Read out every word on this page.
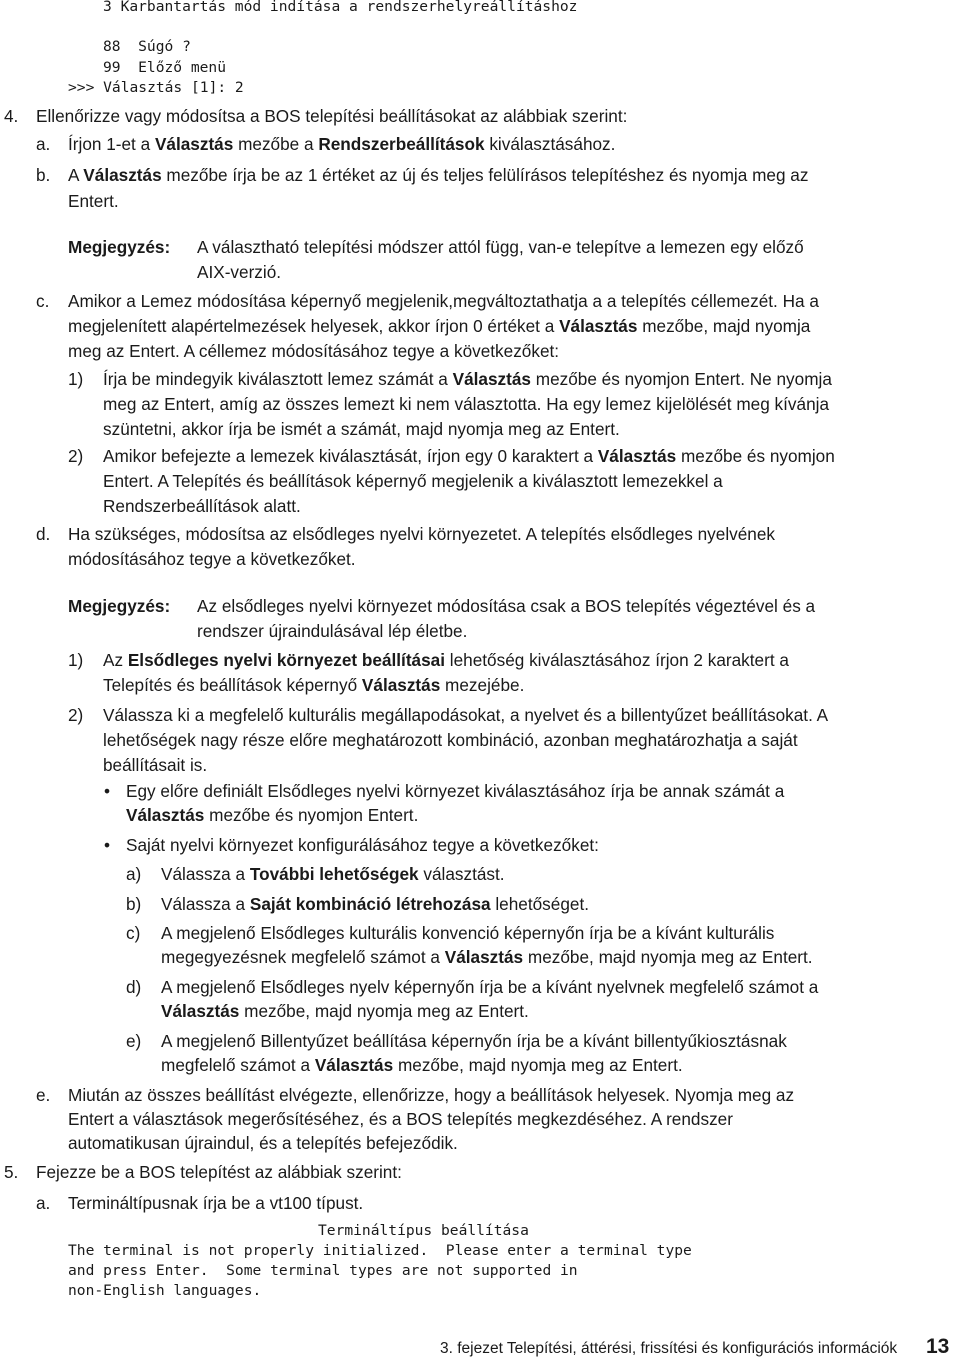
3 Karbantartás mód indítása a rendszerhelyreállításhoz
88  Súgó ?
99  Előző menü
>>> Választás [1]: 2
4. Ellenőrizze vagy módosítsa a BOS telepítési beállításokat az alábbiak szerint:
a. Írjon 1-et a Választás mezőbe a Rendszerbeállítások kiválasztásához.
b. A Választás mezőbe írja be az 1 értéket az új és teljes felülírásos telepítéshez és nyomja meg az
Entert.
Megjegyzés: A választható telepítési módszer attól függ, van-e telepítve a lemezen egy előző
AIX-verzió.
c. Amikor a Lemez módosítása képernyő megjelenik,megváltoztathatja a a telepítés céllemezét. Ha a
megjelenített alapértelmezések helyesek, akkor írjon 0 értéket a Választás mezőbe, majd nyomja
meg az Entert. A céllemez módosításához tegye a következőket:
1) Írja be mindegyik kiválasztott lemez számát a Választás mezőbe és nyomjon Entert. Ne nyomja
meg az Entert, amíg az összes lemezt ki nem választotta. Ha egy lemez kijelölését meg kívánja
szüntetni, akkor írja be ismét a számát, majd nyomja meg az Entert.
2) Amikor befejezte a lemezek kiválasztását, írjon egy 0 karaktert a Választás mezőbe és nyomjon
Entert. A Telepítés és beállítások képernyő megjelenik a kiválasztott lemezekkel a
Rendszerbeállítások alatt.
d. Ha szükséges, módosítsa az elsődleges nyelvi környezetet. A telepítés elsődleges nyelvének
módosításához tegye a következőket.
Megjegyzés: Az elsődleges nyelvi környezet módosítása csak a BOS telepítés végeztével és a
rendszer újraindulásával lép életbe.
1) Az Elsődleges nyelvi környezet beállításai lehetőség kiválasztásához írjon 2 karaktert a
Telepítés és beállítások képernyő Választás mezejébe.
2) Válassza ki a megfelelő kulturális megállapodásokat, a nyelvet és a billentyűzet beállításokat. A
lehetőségek nagy része előre meghatározott kombináció, azonban meghatározhatja a saját
beállításait is.
• Egy előre definiált Elsődleges nyelvi környezet kiválasztásához írja be annak számát a
Választás mezőbe és nyomjon Entert.
• Saját nyelvi környezet konfigurálásához tegye a következőket:
a) Válassza a További lehetőségek választást.
b) Válassza a Saját kombináció létrehozása lehetőséget.
c) A megjelenő Elsődleges kulturális konvenció képernyőn írja be a kívánt kulturális
megegyezésnek megfelelő számot a Választás mezőbe, majd nyomja meg az Entert.
d) A megjelenő Elsődleges nyelv képernyőn írja be a kívánt nyelvnek megfelelő számot a
Választás mezőbe, majd nyomja meg az Entert.
e) A megjelenő Billentyűzet beállítása képernyőn írja be a kívánt billentyűkiosztásnak
megfelelő számot a Választás mezőbe, majd nyomja meg az Entert.
e. Miután az összes beállítást elvégezte, ellenőrizze, hogy a beállítások helyesek. Nyomja meg az
Entert a választások megerősítéséhez, és a BOS telepítés megkezdéséhez. A rendszer
automatikusan újraindul, és a telepítés befejeződik.
5. Fejezze be a BOS telepítést az alábbiak szerint:
a. Termináltípusnak írja be a vt100 típust.
Termináltípus beállítása
The terminal is not properly initialized.  Please enter a terminal type
and press Enter.  Some terminal types are not supported in
non-English languages.
3. fejezet Telepítési, áttérési, frissítési és konfigurációs információk 13
